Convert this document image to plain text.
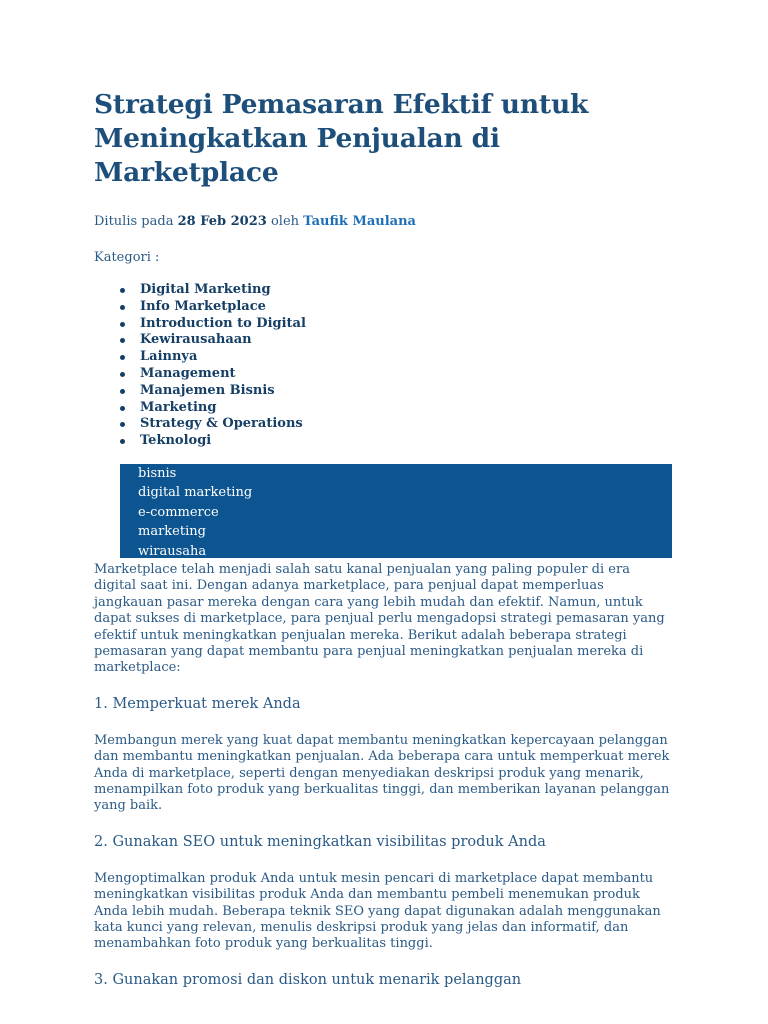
Strategi Pemasaran Efektif untuk Meningkatkan Penjualan di Marketplace
Ditulis pada 28 Feb 2023 oleh Taufik Maulana
Kategori :
Digital Marketing
Info Marketplace
Introduction to Digital
Kewirausahaan
Lainnya
Management
Manajemen Bisnis
Marketing
Strategy & Operations
Teknologi
bisnis
digital marketing
e-commerce
marketing
wirausaha

Marketplace telah menjadi salah satu kanal penjualan yang paling populer di era digital saat ini. Dengan adanya marketplace, para penjual dapat memperluas jangkauan pasar mereka dengan cara yang lebih mudah dan efektif. Namun, untuk dapat sukses di marketplace, para penjual perlu mengadopsi strategi pemasaran yang efektif untuk meningkatkan penjualan mereka. Berikut adalah beberapa strategi pemasaran yang dapat membantu para penjual meningkatkan penjualan mereka di marketplace:

1. Memperkuat merek Anda

Membangun merek yang kuat dapat membantu meningkatkan kepercayaan pelanggan dan membantu meningkatkan penjualan. Ada beberapa cara untuk memperkuat merek Anda di marketplace, seperti dengan menyediakan deskripsi produk yang menarik, menampilkan foto produk yang berkualitas tinggi, dan memberikan layanan pelanggan yang baik.

2. Gunakan SEO untuk meningkatkan visibilitas produk Anda

Mengoptimalkan produk Anda untuk mesin pencari di marketplace dapat membantu meningkatkan visibilitas produk Anda dan membantu pembeli menemukan produk Anda lebih mudah. Beberapa teknik SEO yang dapat digunakan adalah menggunakan kata kunci yang relevan, menulis deskripsi produk yang jelas dan informatif, dan menambahkan foto produk yang berkualitas tinggi.

3. Gunakan promosi dan diskon untuk menarik pelanggan
